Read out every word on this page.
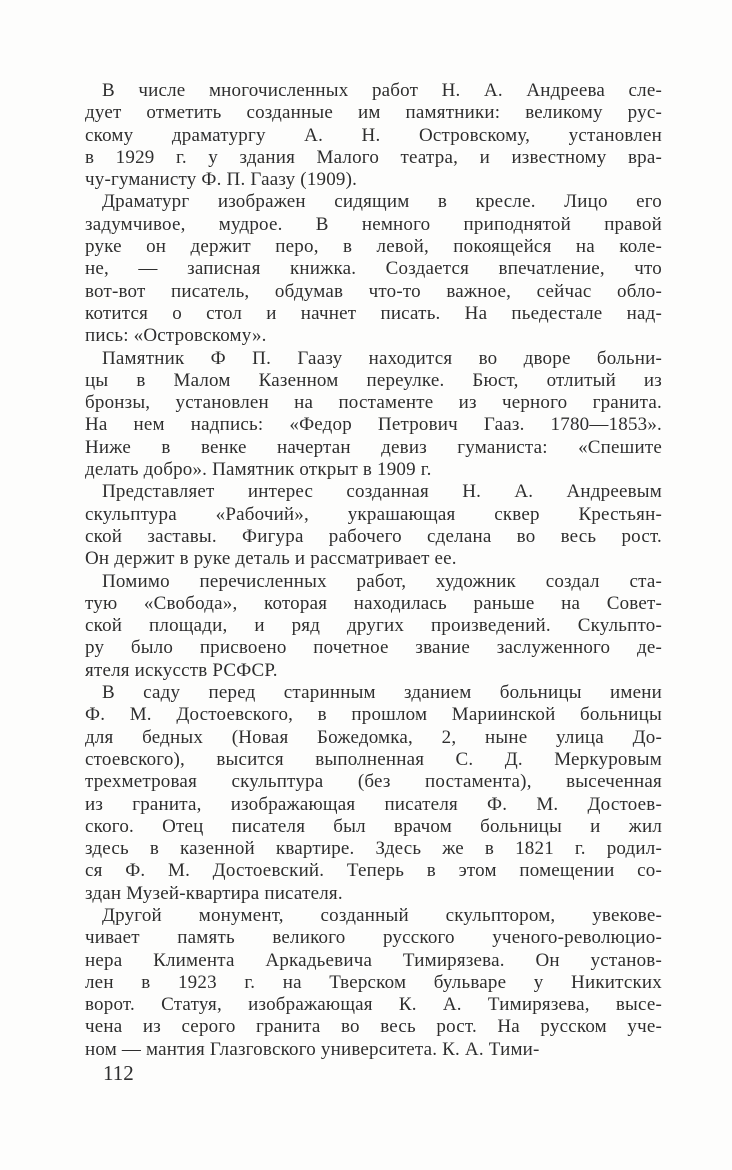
В числе многочисленных работ Н. А. Андреева сле-
дует отметить созданные им памятники: великому рус-
скому драматургу А. Н. Островскому, установлен
в 1929 г. у здания Малого театра, и известному вра-
чу-гуманисту Ф. П. Гаазу (1909).

Драматург изображен сидящим в кресле. Лицо его
задумчивое, мудрое. В немного приподнятой правой
руке он держит перо, в левой, покоящейся на коле-
не, — записная книжка. Создается впечатление, что
вот-вот писатель, обдумав что-то важное, сейчас обло-
котится о стол и начнет писать. На пьедестале над-
пись: «Островскому».

Памятник Ф П. Гаазу находится во дворе больни-
цы в Малом Казенном переулке. Бюст, отлитый из
бронзы, установлен на постаменте из черного гранита.
На нем надпись: «Федор Петрович Гааз. 1780—1853».
Ниже в венке начертан девиз гуманиста: «Спешите
делать добро». Памятник открыт в 1909 г.

Представляет интерес созданная Н. А. Андреевым
скульптура «Рабочий», украшающая сквер Крестьян-
ской заставы. Фигура рабочего сделана во весь рост.
Он держит в руке деталь и рассматривает ее.

Помимо перечисленных работ, художник создал ста-
тую «Свобода», которая находилась раньше на Совет-
ской площади, и ряд других произведений. Скульпто-
ру было присвоено почетное звание заслуженного де-
ятеля искусств РСФСР.

В саду перед старинным зданием больницы имени
Ф. М. Достоевского, в прошлом Мариинской больницы
для бедных (Новая Божедомка, 2, ныне улица До-
стоевского), высится выполненная С. Д. Меркуровым
трехметровая скульптура (без постамента), высеченная
из гранита, изображающая писателя Ф. М. Достоев-
ского. Отец писателя был врачом больницы и жил
здесь в казенной квартире. Здесь же в 1821 г. родил-
ся Ф. М. Достоевский. Теперь в этом помещении со-
здан Музей-квартира писателя.

Другой монумент, созданный скульптором, увекове-
чивает память великого русского ученого-революцио-
нера Климента Аркадьевича Тимирязева. Он установ-
лен в 1923 г. на Тверском бульваре у Никитских
ворот. Статуя, изображающая К. А. Тимирязева, высе-
чена из серого гранита во весь рост. На русском уче-
ном — мантия Глазговского университета. К. А. Тими-

112
